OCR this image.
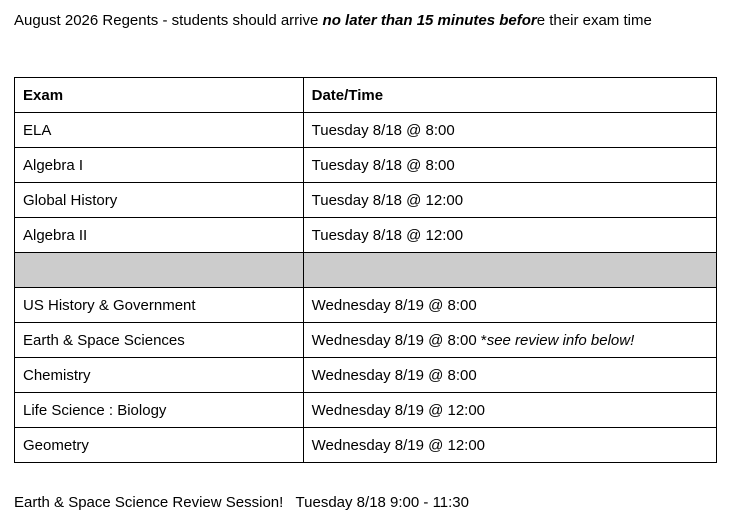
August 2026 Regents - students should arrive no later than 15 minutes before their exam time
Exam	Date/Time
ELA	Tuesday 8/18 @ 8:00
Algebra I	Tuesday 8/18 @ 8:00
Global History	Tuesday 8/18 @ 12:00
Algebra II	Tuesday 8/18 @ 12:00

US History & Government	Wednesday 8/19 @ 8:00
Earth & Space Sciences	Wednesday 8/19 @ 8:00 *see review info below!
Chemistry	Wednesday 8/19 @ 8:00
Life Science : Biology	Wednesday 8/19 @ 12:00
Geometry	Wednesday 8/19 @ 12:00
Earth & Space Science Review Session!   Tuesday 8/18 9:00 - 11:30
